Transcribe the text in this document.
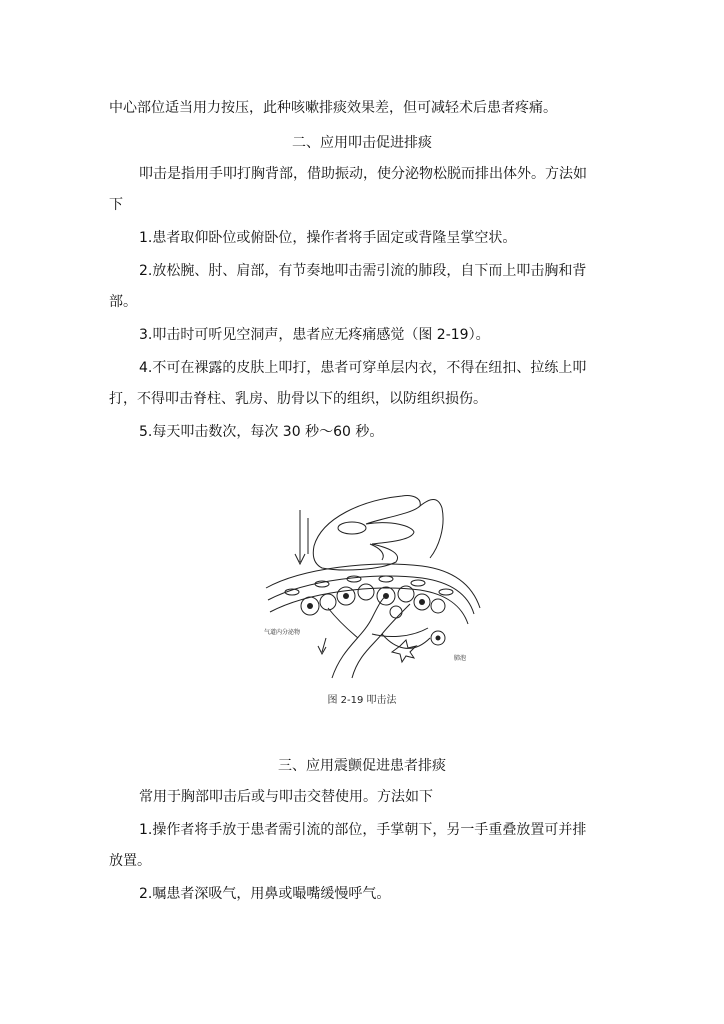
中心部位适当用力按压，此种咳嗽排痰效果差，但可减轻术后患者疼痛。
二、应用叩击促进排痰
叩击是指用手叩打胸背部，借助振动，使分泌物松脱而排出体外。方法如
下
1.患者取仰卧位或俯卧位，操作者将手固定或背隆呈掌空状。
2.放松腕、肘、肩部，有节奏地叩击需引流的肺段，自下而上叩击胸和背
部。
3.叩击时可听见空洞声，患者应无疼痛感觉（图 2-19）。
4.不可在裸露的皮肤上叩打，患者可穿单层内衣，不得在纽扣、拉练上叩
打，不得叩击脊柱、乳房、肋骨以下的组织，以防组织损伤。
5.每天叩击数次，每次 30 秒～60 秒。
气道内分泌物
肺泡
图 2-19 叩击法
三、应用震颤促进患者排痰
常用于胸部叩击后或与叩击交替使用。方法如下
1.操作者将手放于患者需引流的部位，手掌朝下，另一手重叠放置可并排
放置。
2.嘱患者深吸气，用鼻或嘬嘴缓慢呼气。
